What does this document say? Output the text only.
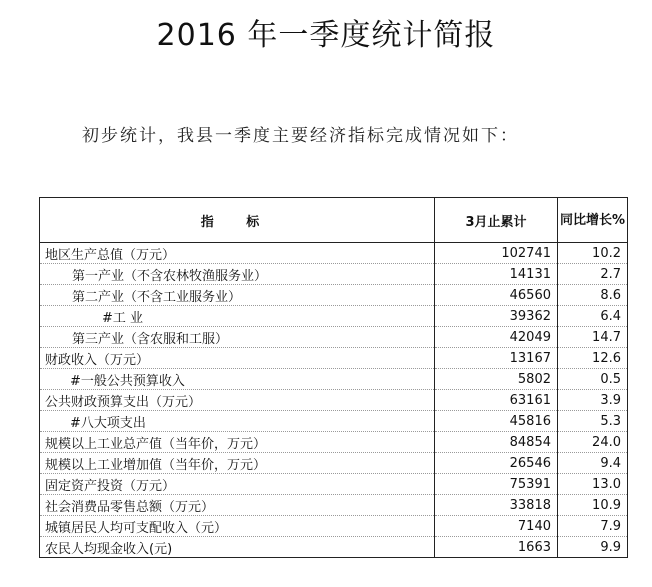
2016 年一季度统计简报
初步统计，我县一季度主要经济指标完成情况如下：
指 标	3月止累计	同比增长%
地区生产总值（万元）	102741	10.2
第一产业（不含农林牧渔服务业）	14131	2.7
第二产业（不含工业服务业）	46560	8.6
#工 业	39362	6.4
第三产业（含农服和工服）	42049	14.7
财政收入（万元）	13167	12.6
#一般公共预算收入	5802	0.5
公共财政预算支出（万元）	63161	3.9
#八大项支出	45816	5.3
规模以上工业总产值（当年价，万元）	84854	24.0
规模以上工业增加值（当年价，万元）	26546	9.4
固定资产投资（万元）	75391	13.0
社会消费品零售总额（万元）	33818	10.9
城镇居民人均可支配收入（元）	7140	7.9
农民人均现金收入(元)	1663	9.9
